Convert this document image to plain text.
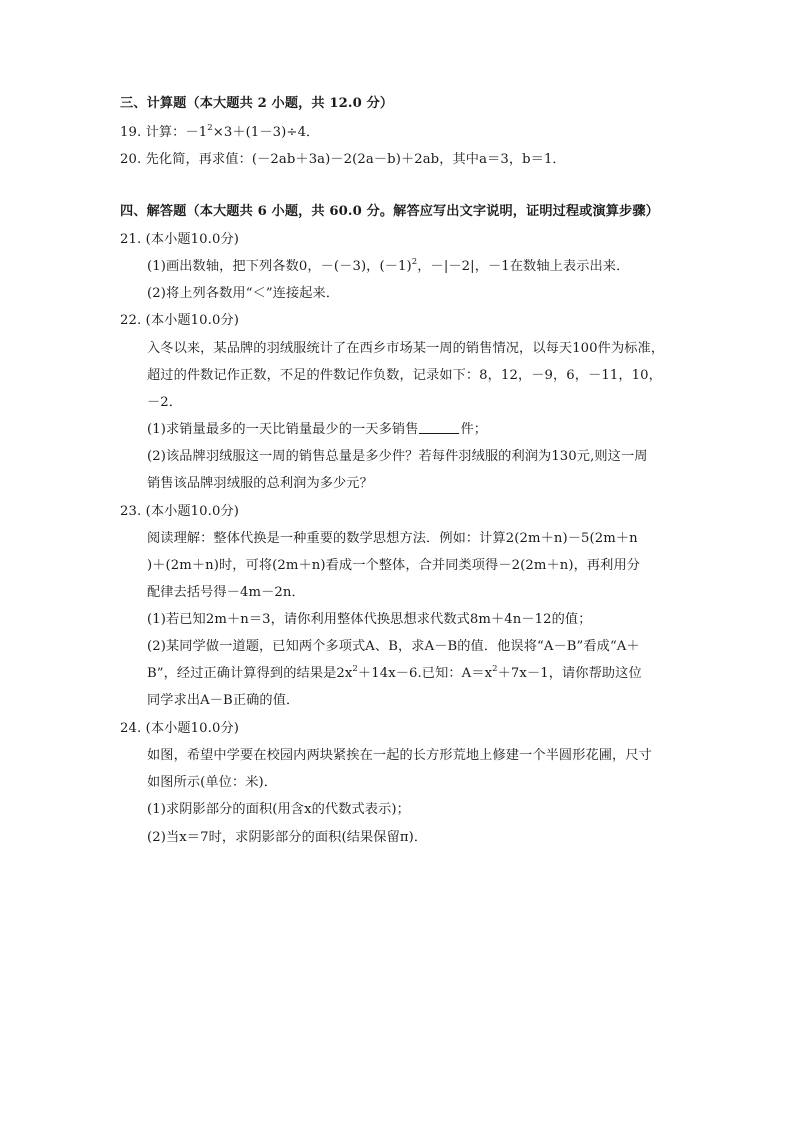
三、计算题（本大题共 2 小题，共 12.0 分）
19. 计算：$-1^2\times 3+(1-3)\div 4$．
20. 先化简，再求值：(－2ab＋3a)－2(2a－b)＋2ab，其中a＝3，b＝1．
四、解答题（本大题共 6 小题，共 60.0 分。解答应写出文字说明，证明过程或演算步骤）
21. (本小题10.0分)
(1)画出数轴，把下列各数0，－(－3)，$(-1)^2$，－|－2|，－1在数轴上表示出来．
(2)将上列各数用“＜”连接起来．
22. (本小题10.0分)
入冬以来，某品牌的羽绒服统计了在西乡市场某一周的销售情况，以每天100件为标准，
超过的件数记作正数，不足的件数记作负数，记录如下：8，12，－9，6，－11，10，
－2．
(1)求销量最多的一天比销量最少的一天多销售	件；
(2)该品牌羽绒服这一周的销售总量是多少件？若每件羽绒服的利润为130元,则这一周
销售该品牌羽绒服的总利润为多少元？
23. (本小题10.0分)
阅读理解：整体代换是一种重要的数学思想方法．例如：计算2(2m＋n)－5(2m＋n
)＋(2m＋n)时，可将(2m＋n)看成一个整体，合并同类项得－2(2m＋n)，再利用分
配律去括号得－4m－2n．
(1)若已知2m＋n＝3，请你利用整体代换思想求代数式8m＋4n－12的值；
(2)某同学做一道题，已知两个多项式A、B，求A－B的值．他误将“A－B”看成“A＋
B”，经过正确计算得到的结果是$2x^2+14x-6$.已知：$A=x^2+7x-1$，请你帮助这位
同学求出A－B正确的值．
24. (本小题10.0分)
如图，希望中学要在校园内两块紧挨在一起的长方形荒地上修建一个半圆形花圃，尺寸
如图所示(单位：米)．
(1)求阴影部分的面积(用含x的代数式表示)；
(2)当x＝7时，求阴影部分的面积(结果保留π)．
